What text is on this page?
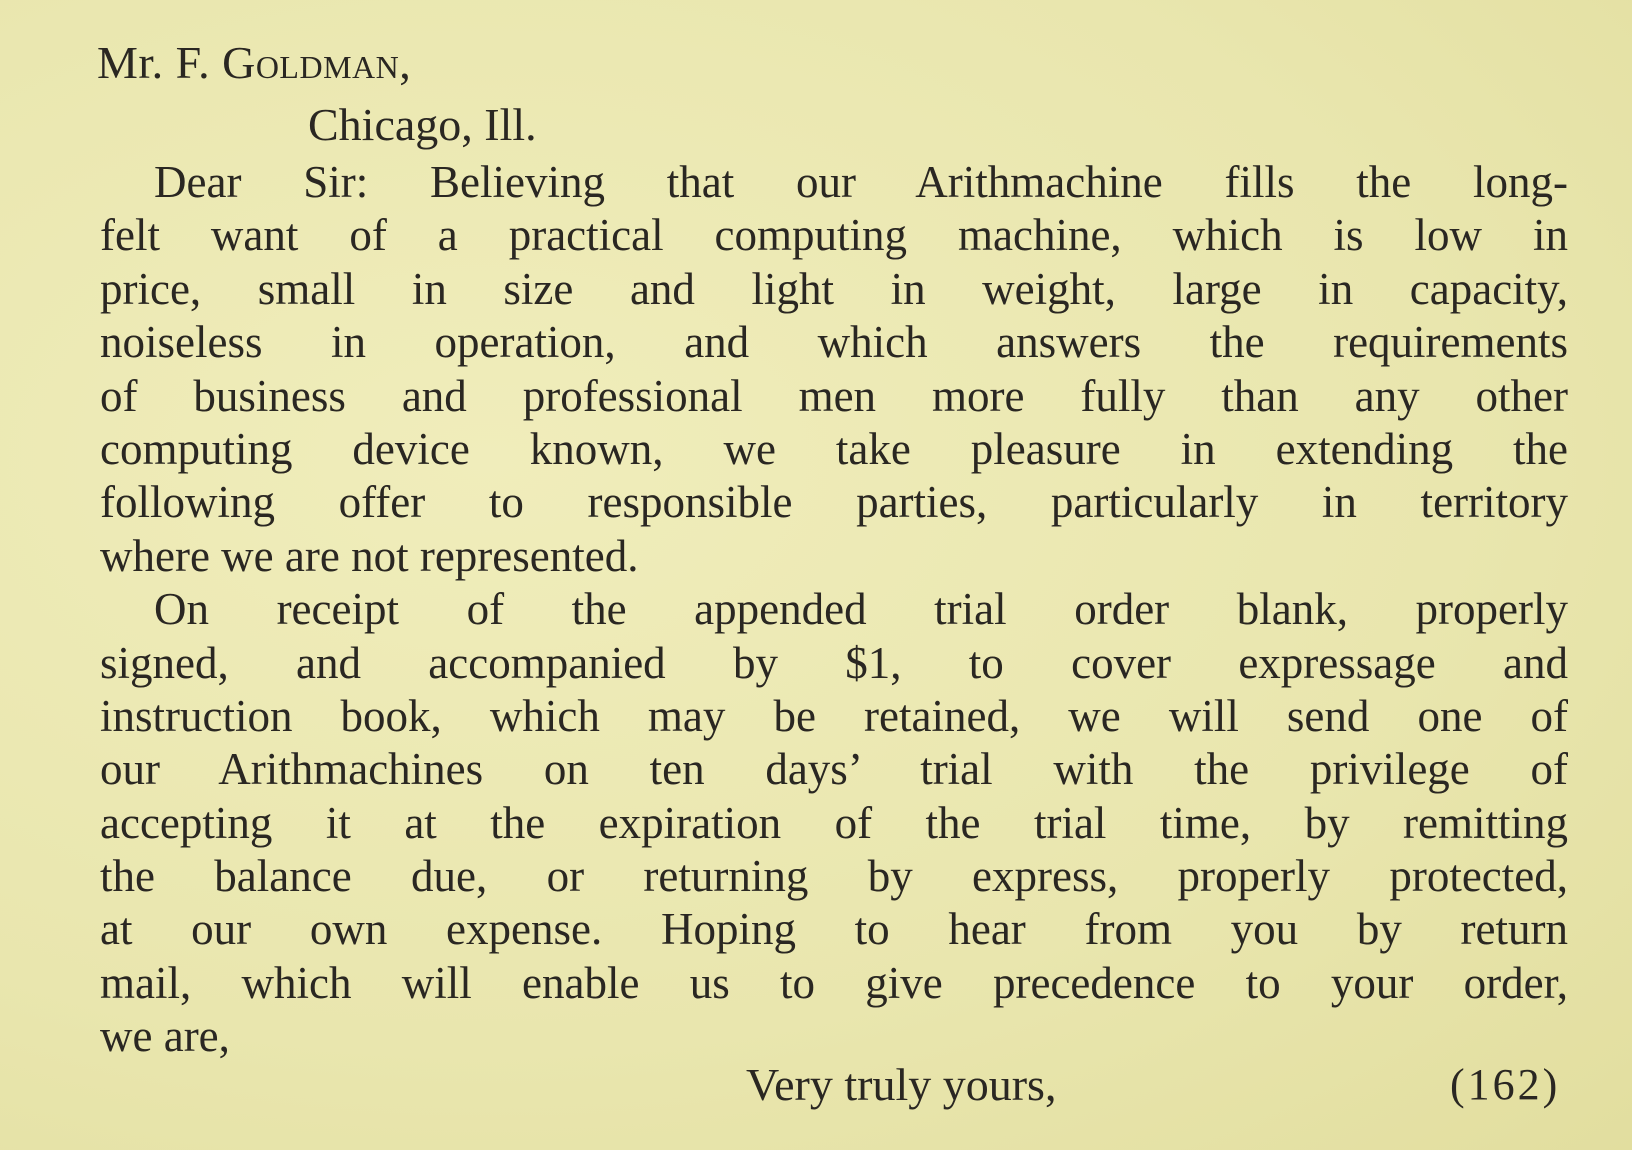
Mr. F. Goldman,
Chicago, Ill.
Dear Sir: Believing that our Arithmachine fills the long-
felt want of a practical computing machine, which is low in
price, small in size and light in weight, large in capacity,
noiseless in operation, and which answers the requirements
of business and professional men more fully than any other
computing device known, we take pleasure in extending the
following offer to responsible parties, particularly in territory
where we are not represented.
On receipt of the appended trial order blank, properly
signed, and accompanied by $1, to cover expressage and
instruction book, which may be retained, we will send one of
our Arithmachines on ten days’ trial with the privilege of
accepting it at the expiration of the trial time, by remitting
the balance due, or returning by express, properly protected,
at our own expense. Hoping to hear from you by return
mail, which will enable us to give precedence to your order,
we are,
Very truly yours,	(162)
